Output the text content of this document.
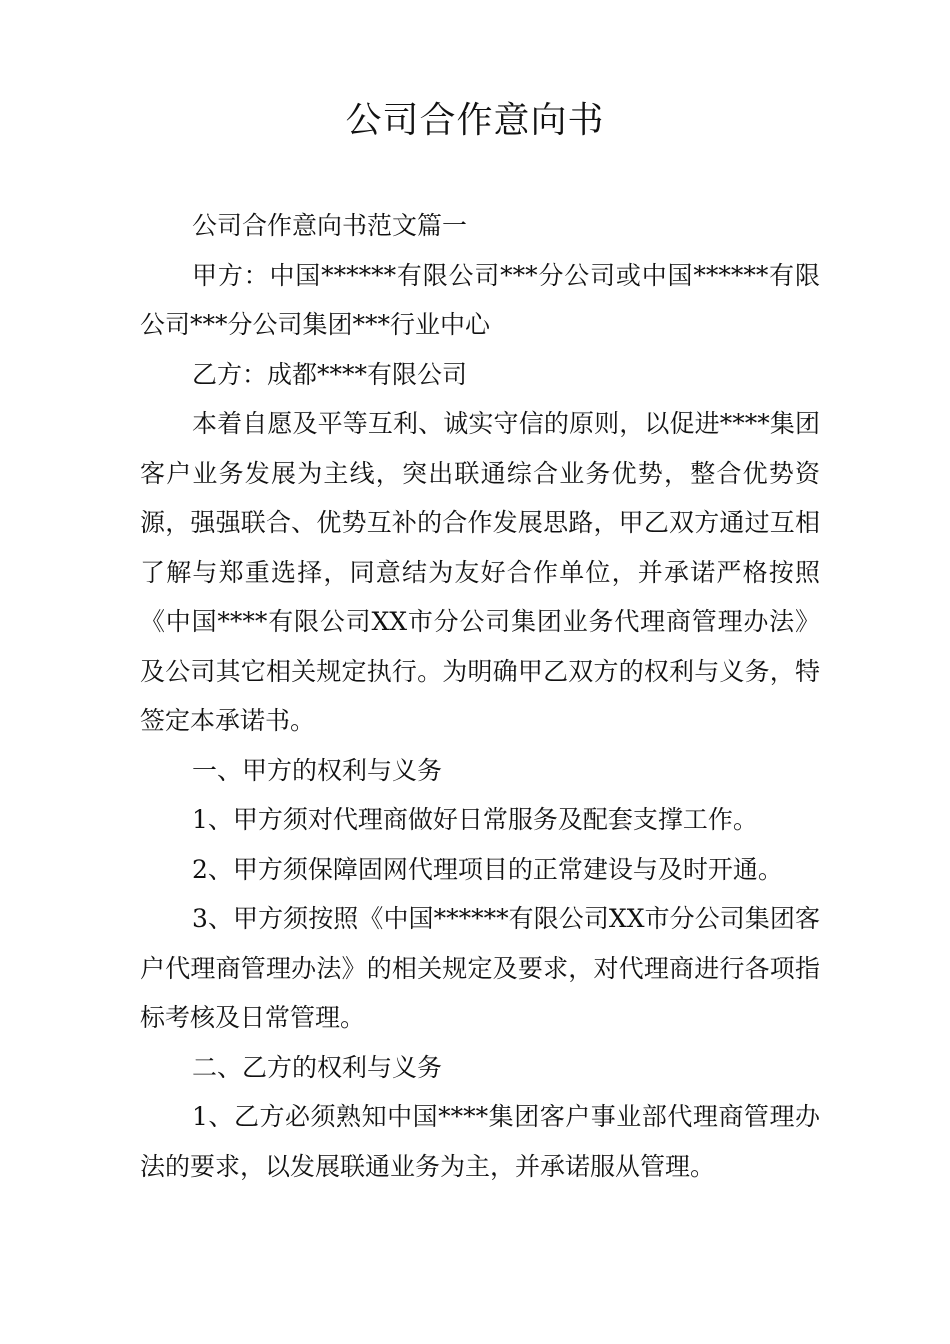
公司合作意向书

公司合作意向书范文篇一

甲方：中国******有限公司***分公司或中国******有限公司***分公司集团***行业中心

乙方：成都****有限公司

本着自愿及平等互利、诚实守信的原则，以促进****集团客户业务发展为主线，突出联通综合业务优势，整合优势资源，强强联合、优势互补的合作发展思路，甲乙双方通过互相了解与郑重选择，同意结为友好合作单位，并承诺严格按照《中国****有限公司XX市分公司集团业务代理商管理办法》及公司其它相关规定执行。为明确甲乙双方的权利与义务，特签定本承诺书。

一、甲方的权利与义务

1、甲方须对代理商做好日常服务及配套支撑工作。

2、甲方须保障固网代理项目的正常建设与及时开通。

3、甲方须按照《中国******有限公司XX市分公司集团客户代理商管理办法》的相关规定及要求，对代理商进行各项指标考核及日常管理。

二、乙方的权利与义务

1、乙方必须熟知中国****集团客户事业部代理商管理办法的要求，以发展联通业务为主，并承诺服从管理。
